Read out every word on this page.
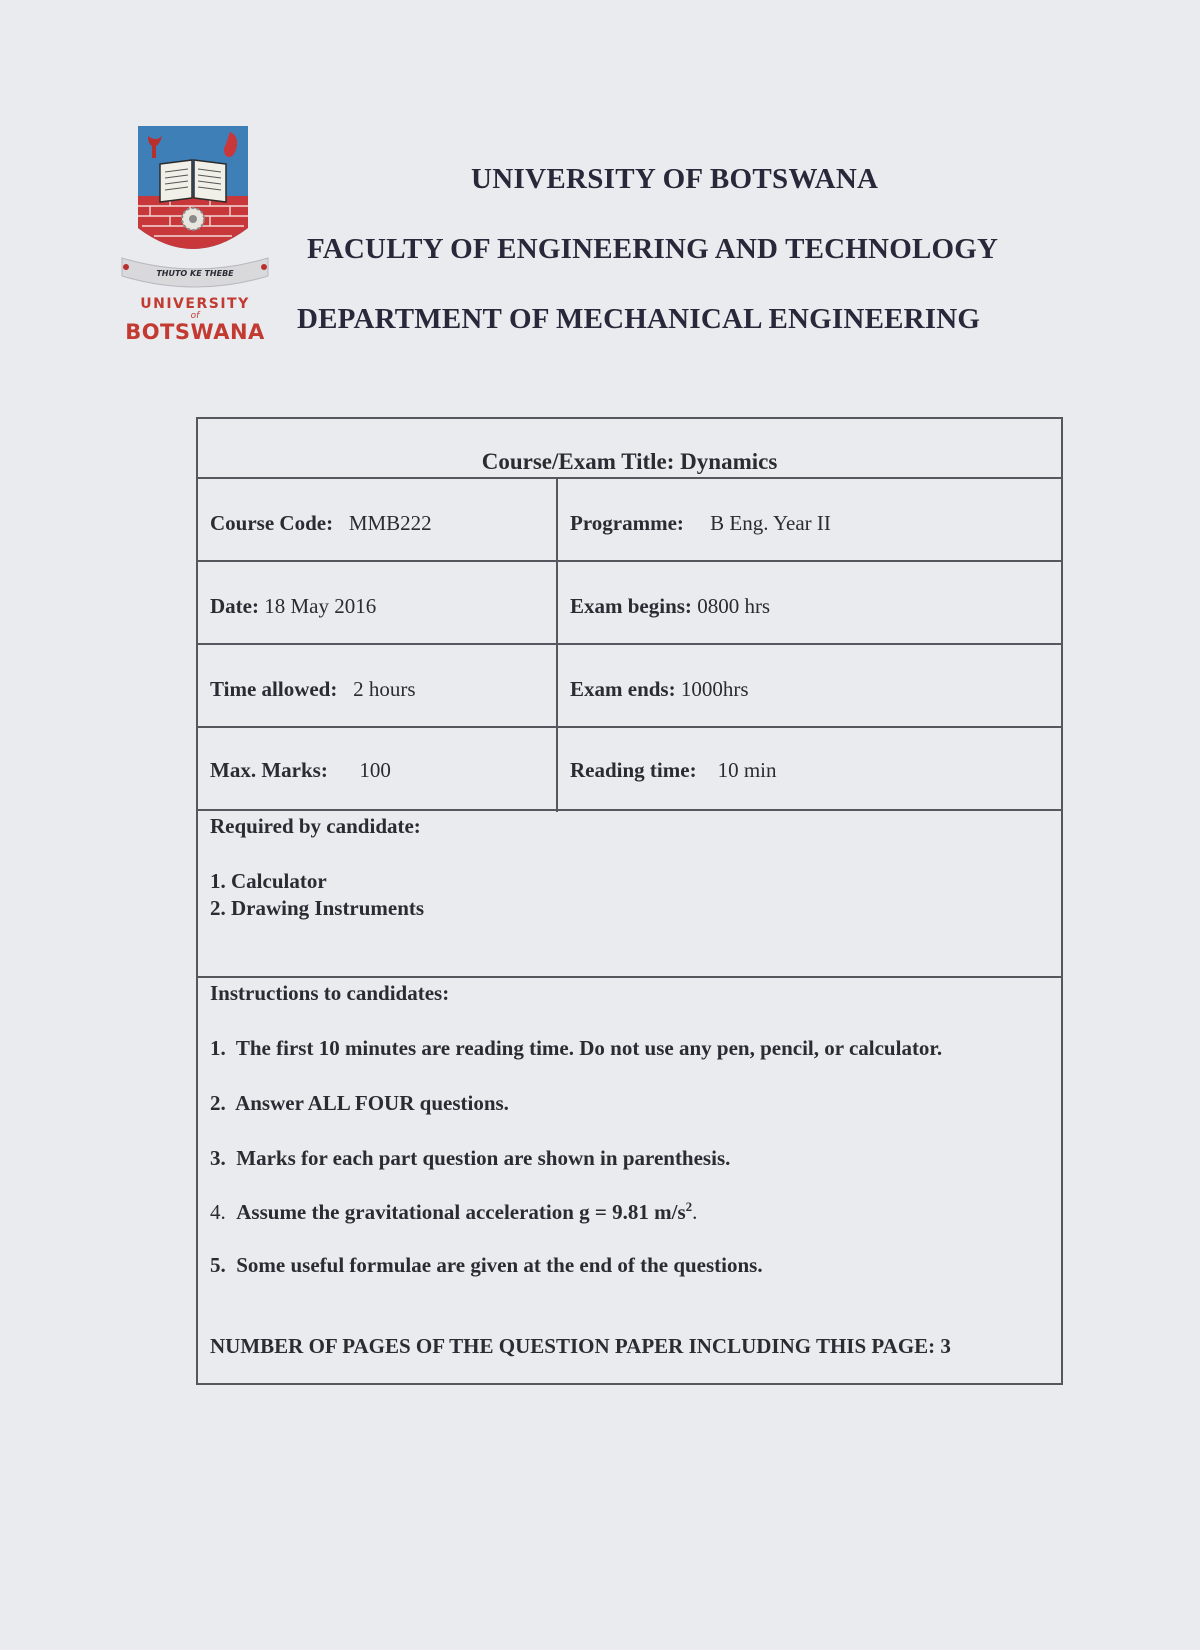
THUTO KE THEBE
UNIVERSITY
of
BOTSWANA
UNIVERSITY OF BOTSWANA
FACULTY OF ENGINEERING AND TECHNOLOGY
DEPARTMENT OF MECHANICAL ENGINEERING
Course/Exam Title: Dynamics
Course Code: MMB222	Programme: B Eng. Year II
Date: 18 May 2016	Exam begins: 0800 hrs
Time allowed: 2 hours	Exam ends: 1000hrs
Max. Marks: 100	Reading time: 10 min
Required by candidate:
1. Calculator
2. Drawing Instruments
Instructions to candidates:
1.  The first 10 minutes are reading time. Do not use any pen, pencil, or calculator.
2.  Answer ALL FOUR questions.
3.  Marks for each part question are shown in parenthesis.
4. Assume the gravitational acceleration g = 9.81 $m/s^2$.
5.  Some useful formulae are given at the end of the questions.
NUMBER OF PAGES OF THE QUESTION PAPER INCLUDING THIS PAGE: 3
